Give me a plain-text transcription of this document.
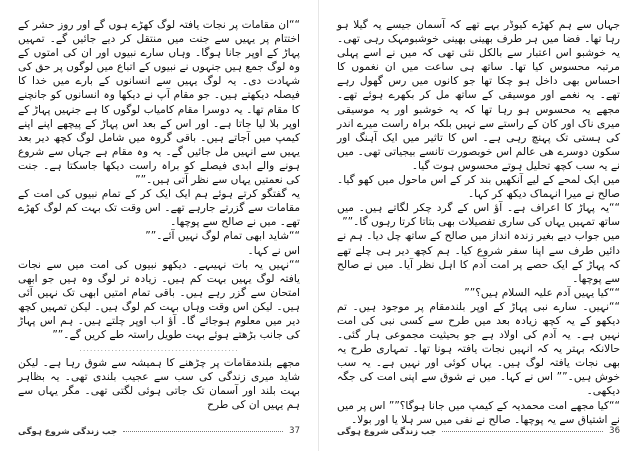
““ان مقامات پر نجات یافتہ لوگ کھڑے ہوں گے اور روز حشر کے اختتام پر یہیں سے جنت میں منتقل کر دیے جائیں گے۔ تمہیں پہاڑ کے اوپر جانا ہوگا۔ وہاں سارے نبیوں اور ان کی امتوں کے وہ لوگ جمع ہیں جنہوں نے نبیوں کے اتباع میں لوگوں پر حق کی شہادت دی۔ یہ لوگ یہیں سے انسانوں کے بارے میں خدا کا فیصلہ دیکھتے ہیں۔ جو مقام آپ نے دیکھا وہ انسانوں کو جانچنے کا مقام تھا۔ یہ دوسرا مقام کامیاب لوگوں کا ہے جنہیں پہاڑ کے اوپر بلا لیا جاتا ہے۔ اور اس کے بعد اس پہاڑ کے پیچھے اپنے اپنے کیمپ میں آجاتے ہیں۔ باقی گروہ میں شامل لوگ کچھ دیر بعد یہیں سے انہیں مل جائیں گے۔ یہ وہ مقام ہے جہاں سے شروع ہونے والے ابدی فیصلے کو براہ راست دیکھا جاسکتا ہے۔ جنت کی نعمتیں یہاں سے نظر آتی ہیں۔””

یہ گفتگو کرتے ہوئے ہم ایک ایک کر کے تمام نبیوں کی امت کے مقامات سے گزرتے جارہے تھے۔ اس وقت تک بہت کم لوگ کھڑے تھے۔ میں نے صالح سے پوچھا۔

““شاید ابھی تمام لوگ نہیں آئے۔””

اس نے کہا۔

““نہیں یہ بات نہیںہے۔ دیکھو نبیوں کی امت میں سے نجات یافتہ لوگ یہیں بہت کم ہیں۔ زیادہ تر لوگ وہ ہیں جو ابھی امتحان سے گزر رہے ہیں۔ باقی تمام امتیں ابھی تک نہیں آئی ہیں۔ لیکن اس وقت وہاں بہت کم لوگ ہیں۔ لیکن تمہیں کچھ دیر میں معلوم ہوجائے گا۔ آؤ اب اوپر چلتے ہیں۔ ہم اس پہاڑ کی جانب بڑھتے ہوئے بہت طویل راستہ طے کریں گے۔””

.............................................

مجھے بلندمقامات پر چڑھنے کا ہمیشہ سے شوق رہا ہے۔ لیکن شاید میری زندگی کی سب سے عجیب بلندی تھی۔ یہ بظاہر بہت بلند اور آسمان تک جاتی ہوئی لگتی تھی۔ مگر یہاں سے ہم یہیں ان کی طرح

جب زندگی شروع ہوگی	37

جہاں سے ہم کھڑے کیوڈر بہے تھے کہ آسمان جیسے یہ گیلا ہو رہا تھا۔ فضا میں ہر طرف بھینی بھینی خوشبومہک رہی تھی۔ یہ خوشبو اس اعتبار سے بالکل نئی تھی کہ میں نے اسے پہلی مرتبہ محسوس کیا تھا۔ ساتھ ہی ساعت میں ان نغموں کا احساس بھی داخل ہو چکا تھا جو کانوں میں رس گھول رہے تھے۔ یہ نغمے اور موسیقی کے ساتھ مل کر بکھرے ہوئے تھے۔ مجھے یہ محسوس ہو رہا تھا کہ یہ خوشبو اور یہ موسیقی میری ناک اور کان کے راستے سے نہیں بلکہ براہ راست میرے اندر کی ہستی تک پہنچ رہی ہے۔ اس کا تاثیر میں ایک آہنگ اور سکون دوسرے هی عالم اس خوبصورت تانسے بیجیاتی تھی۔ میں نے یہ سب کچھ تحلیل ہوتے محسوس ہوت گیا۔

میں ایک لمحے کے لیے آنکھیں بند کر کے اس ماحول میں کھو گیا۔ صالح نے میرا انہماک دیکھ کر کہا۔

““یہ پہاڑ کا اعراف ہے۔ آؤ اس کے گرد چکر لگاتے ہیں۔ میں ساتھ تمہیں یہاں کی ساری تفصیلات بھی بتاتا کرتا رہوں گا۔””

میں جواب دیے بغیر زندہ انداز میں صالح کے ساتھ چل دیا۔ ہم نے دائیں طرف سے اپنا سفر شروع کیا۔ ہم کچھ دیر ہی چلے تھے کہ پہاڑ کے ایک حصے پر امت آدم کا اہل نظر آیا۔ میں نے صالح سے پوچھا۔

““کیا یہیں آدم علیہ السلام ہیں؟””

““نہیں۔ سارے نبی پہاڑ کے اوپر بلندمقام پر موجود ہیں۔ تم دیکھو کے یہ کچھ زیادہ بعد میں طرح سے کسی نبی کی امت نہیں ہے۔ یہ آدم کی اولاد ہے جو بحیثیت مجموعی ہار گئی۔ حالانکہ بہتر یہ کہ انہیں نجات یافتہ ہونا تھا۔ تمہاری طرح یہ بھی نجات یافتہ لوگ ہیں۔ یہاں کوئی اور نہیں ہے۔ یہ سب خوش ہیں۔”” اس نے کہا۔ میں نے شوق سے اپنی امت کی جگہ دیکھی۔

““کیا مجھے امت محمدیہ کے کیمپ میں جانا ہوگا؟”” اس پر میں نے اشتیاق سے یہ پوچھا۔ صالح نے نفی میں سر ہلا یا اور بولا۔

جب زندگی شروع ہوگی	36
